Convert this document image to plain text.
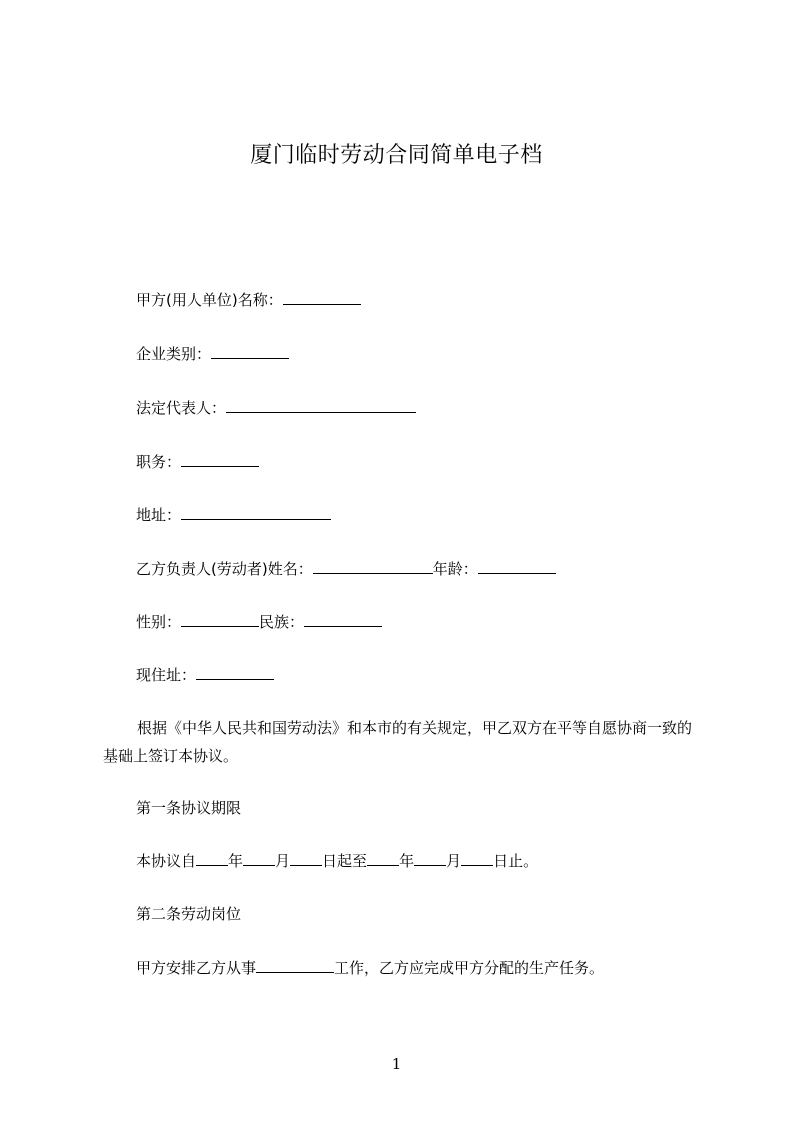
厦门临时劳动合同简单电子档
甲方(用人单位)名称：
企业类别：
法定代表人：
职务：
地址：
乙方负责人(劳动者)姓名：	年龄：
性别：	民族：
现住址：
根据《中华人民共和国劳动法》和本市的有关规定，甲乙双方在平等自愿协商一致的基础上签订本协议。
第一条协议期限
本协议自 年 月 日起至 年 月 日止。
第二条劳动岗位
甲方安排乙方从事	工作，乙方应完成甲方分配的生产任务。
1
